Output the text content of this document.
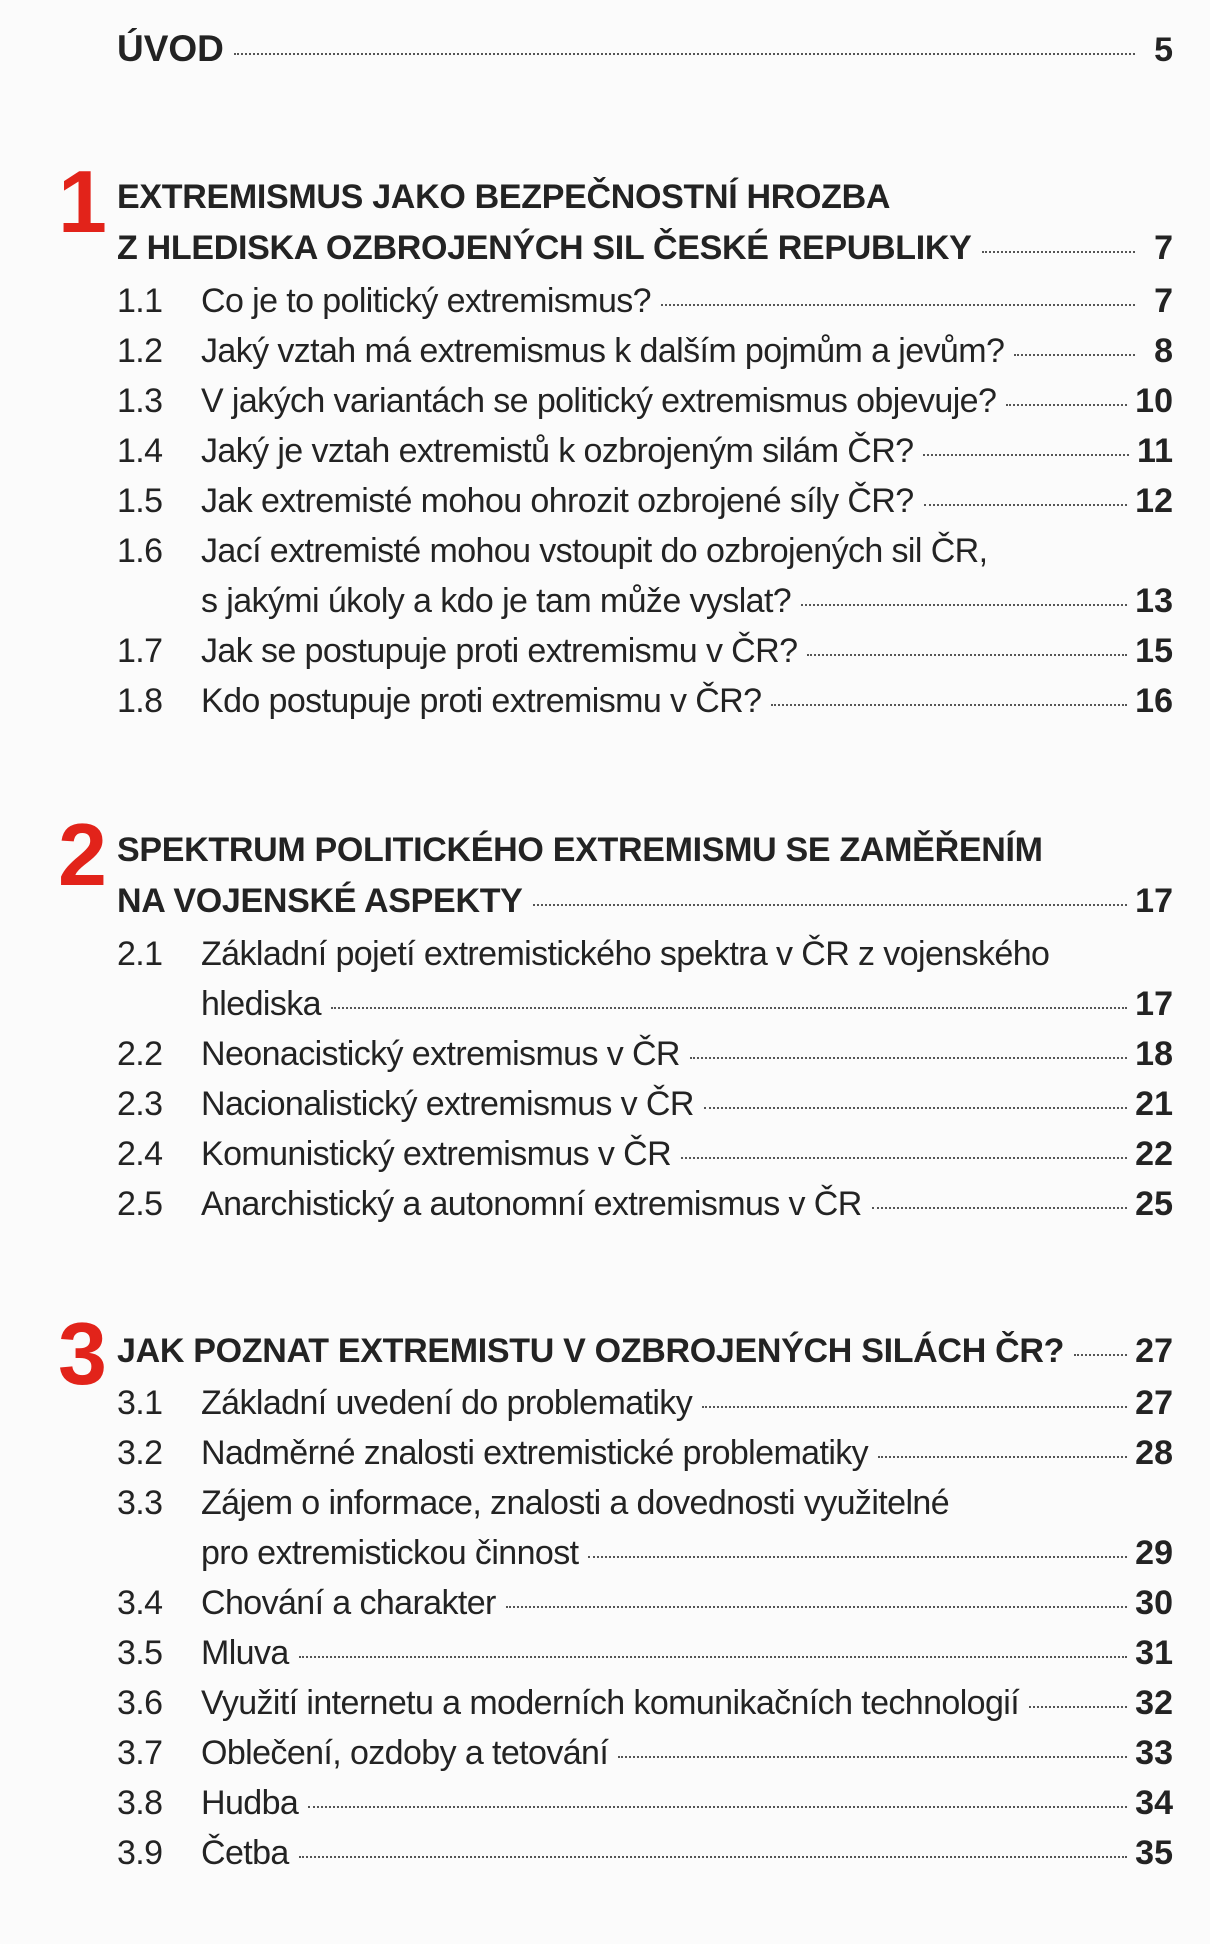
ÚVOD	5
1 EXTREMISMUS JAKO BEZPEČNOSTNÍ HROZBA
Z HLEDISKA OZBROJENÝCH SIL ČESKÉ REPUBLIKY	7
1.1	Co je to politický extremismus?	7
1.2	Jaký vztah má extremismus k dalším pojmům a jevům?	8
1.3	V jakých variantách se politický extremismus objevuje?	10
1.4	Jaký je vztah extremistů k ozbrojeným silám ČR?	11
1.5	Jak extremisté mohou ohrozit ozbrojené síly ČR?	12
1.6	Jací extremisté mohou vstoupit do ozbrojených sil ČR,
s jakými úkoly a kdo je tam může vyslat?	13
1.7	Jak se postupuje proti extremismu v ČR?	15
1.8	Kdo postupuje proti extremismu v ČR?	16
2 SPEKTRUM POLITICKÉHO EXTREMISMU SE ZAMĚŘENÍM
NA VOJENSKÉ ASPEKTY	17
2.1	Základní pojetí extremistického spektra v ČR z vojenského
hlediska	17
2.2	Neonacistický extremismus v ČR	18
2.3	Nacionalistický extremismus v ČR	21
2.4	Komunistický extremismus v ČR	22
2.5	Anarchistický a autonomní extremismus v ČR	25
3 JAK POZNAT EXTREMISTU V OZBROJENÝCH SILÁCH ČR? 27
3.1	Základní uvedení do problematiky	27
3.2	Nadměrné znalosti extremistické problematiky	28
3.3	Zájem o informace, znalosti a dovednosti využitelné
pro extremistickou činnost	29
3.4	Chování a charakter	30
3.5	Mluva	31
3.6	Využití internetu a moderních komunikačních technologií	32
3.7	Oblečení, ozdoby a tetování	33
3.8	Hudba	34
3.9	Četba	35
